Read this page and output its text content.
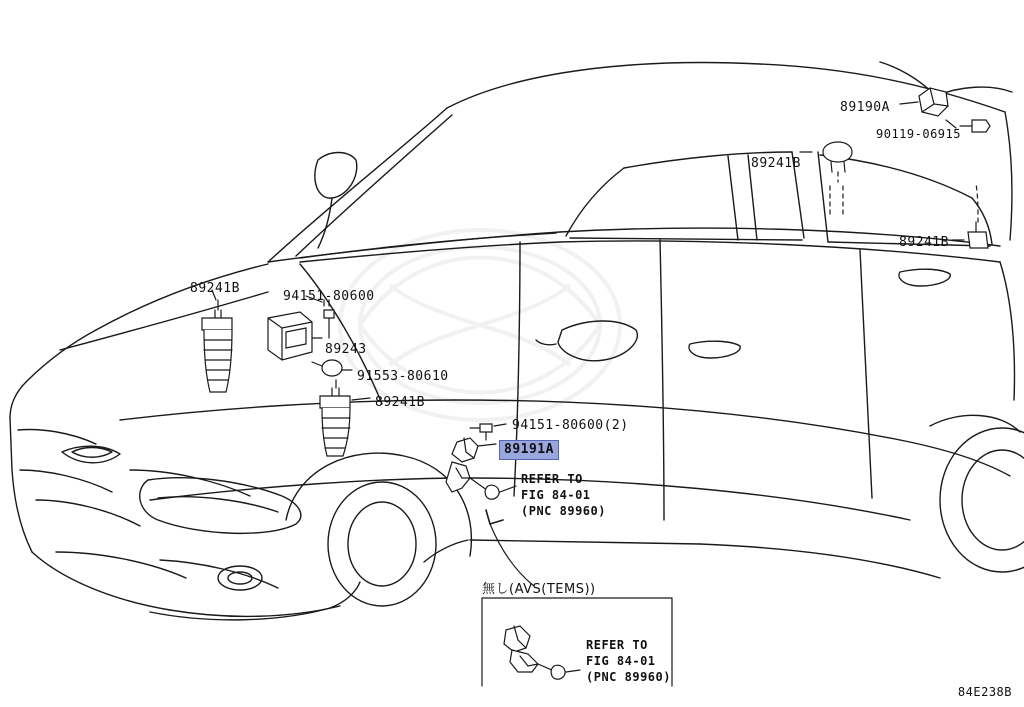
89190A
90119-06915
89241B
89241B
89241B
94151-80600
89243
91553-80610
89241B
94151-80600(2)
無し(AVS(TEMS))
89191A
REFER TO
FIG 84-01
(PNC 89960)
REFER TO
FIG 84-01
(PNC 89960)
84E238B
